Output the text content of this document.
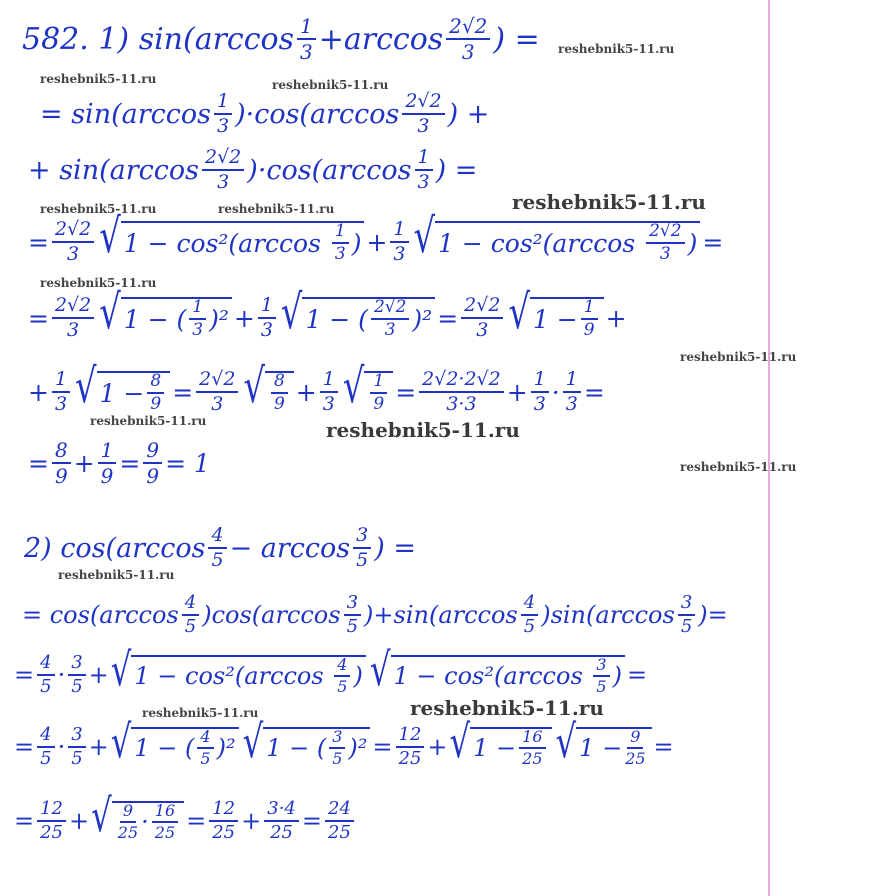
582.
1)
$\sin(\arccos \frac{1}{3} +\arccos \frac{2√2}{3}$ ) =
= $\sin(\arccos \frac{1}{3} )\cdot\cos(\arccos \frac{2√2}{3}$ ) +
+ $\sin(\arccos \frac{2√2}{3} )\cdot\cos(\arccos \frac{1}{3}$ ) =
= $\frac{2√2}{3}$ √ $1 - \cos^2(\arccos \frac{1}{3}$ ) + $\frac{1}{3}$ √ $1 - \cos^2(\arccos \frac{2√2}{3}$ ) =
= $\frac{2√2}{3}$ √ 1 − ( $\frac{1}{3} )^2 + \frac{1}{3}$ √ 1 − ( $\frac{2√2}{3} )^2 = \frac{2√2}{3}$ √ $1 - \frac{1}{9}$ +
+ $\frac{1}{3}$ √ $1 - \frac{8}{9} = \frac{2√2}{3}$ √ $\frac{8}{9} + \frac{1}{3}$ √ $\frac{1}{9} = \frac{2√2\cdot 2√2}{3\cdot 3} + \frac{1}{3} \cdot \frac{1}{3}$ =
= $\frac{8}{9} + \frac{1}{9} = \frac{9}{9} = 1$
2)
$\cos(\arccos \frac{4}{5} - \arccos \frac{3}{5}$ ) =
= $\cos(\arccos \frac{4}{5} )\cos(\arccos \frac{3}{5} )+\sin(\arccos \frac{4}{5} )\sin(\arccos \frac{3}{5}$ )=
= $\frac{4}{5} \cdot \frac{3}{5}$ + √ $1 - \cos^2(\arccos \frac{4}{5}$ ) √ $1 - \cos^2(\arccos \frac{3}{5}$ ) =
= $\frac{4}{5} \cdot \frac{3}{5}$ + √ 1 − ( $\frac{4}{5} )^2$ √ 1 − ( $\frac{3}{5} )^2 = \frac{12}{25}$ + √ $1 - \frac{16}{25}$ √ $1 - \frac{9}{25}$ =
= $\frac{12}{25}$ + √ $\frac{9}{25} \cdot \frac{16}{25} = \frac{12}{25} + \frac{3\cdot 4}{25} = \frac{24}{25}$
reshebnik5-11.ru
reshebnik5-11.ru	reshebnik5-11.ru
reshebnik5-11.ru	reshebnik5-11.ru	reshebnik5-11.ru
reshebnik5-11.ru
reshebnik5-11.ru
reshebnik5-11.ru	reshebnik5-11.ru
reshebnik5-11.ru
reshebnik5-11.ru
reshebnik5-11.ru	reshebnik5-11.ru
